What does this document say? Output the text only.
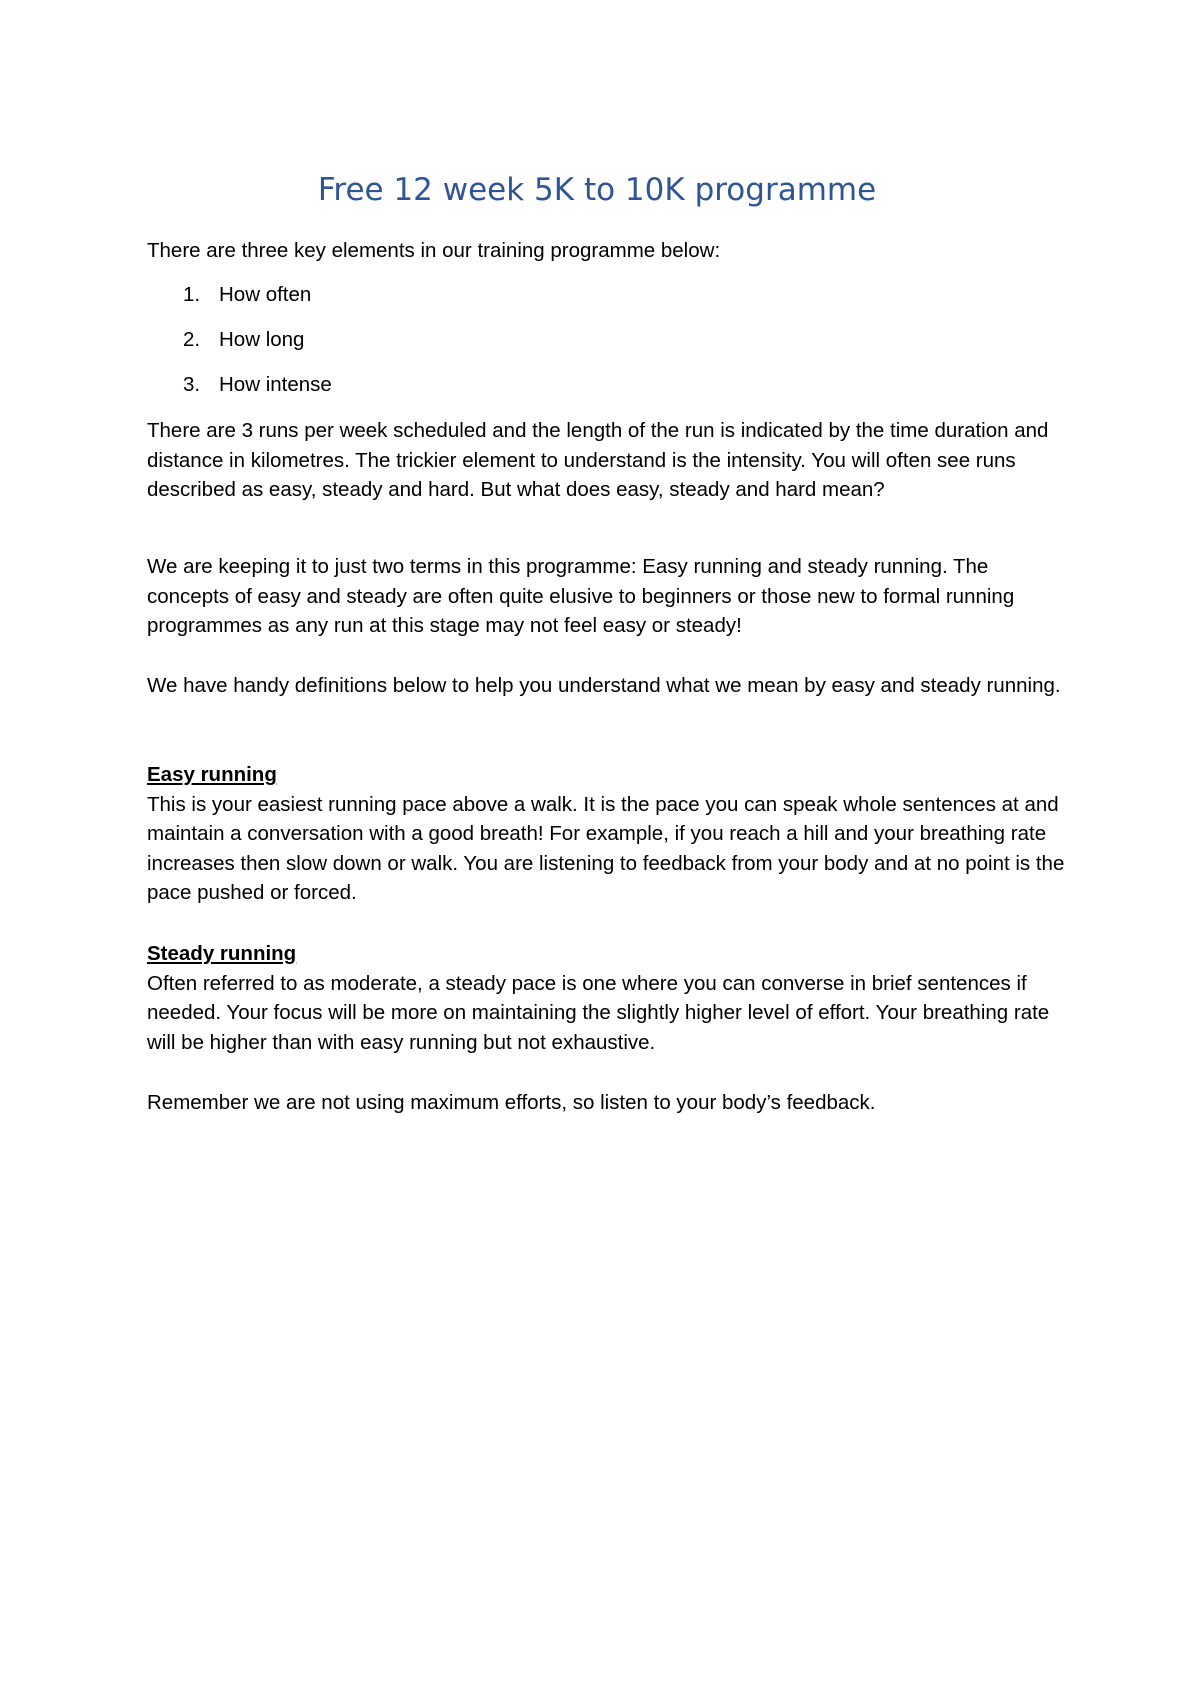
Free 12 week 5K to 10K programme

There are three key elements in our training programme below:

1. How often
2. How long
3. How intense

There are 3 runs per week scheduled and the length of the run is indicated by the time duration and distance in kilometres. The trickier element to understand is the intensity. You will often see runs described as easy, steady and hard. But what does easy, steady and hard mean?

We are keeping it to just two terms in this programme: Easy running and steady running. The concepts of easy and steady are often quite elusive to beginners or those new to formal running programmes as any run at this stage may not feel easy or steady!

We have handy definitions below to help you understand what we mean by easy and steady running.

Easy running
This is your easiest running pace above a walk. It is the pace you can speak whole sentences at and maintain a conversation with a good breath! For example, if you reach a hill and your breathing rate increases then slow down or walk. You are listening to feedback from your body and at no point is the pace pushed or forced.
Steady running
Often referred to as moderate, a steady pace is one where you can converse in brief sentences if needed. Your focus will be more on maintaining the slightly higher level of effort. Your breathing rate will be higher than with easy running but not exhaustive.

Remember we are not using maximum efforts, so listen to your body’s feedback.
